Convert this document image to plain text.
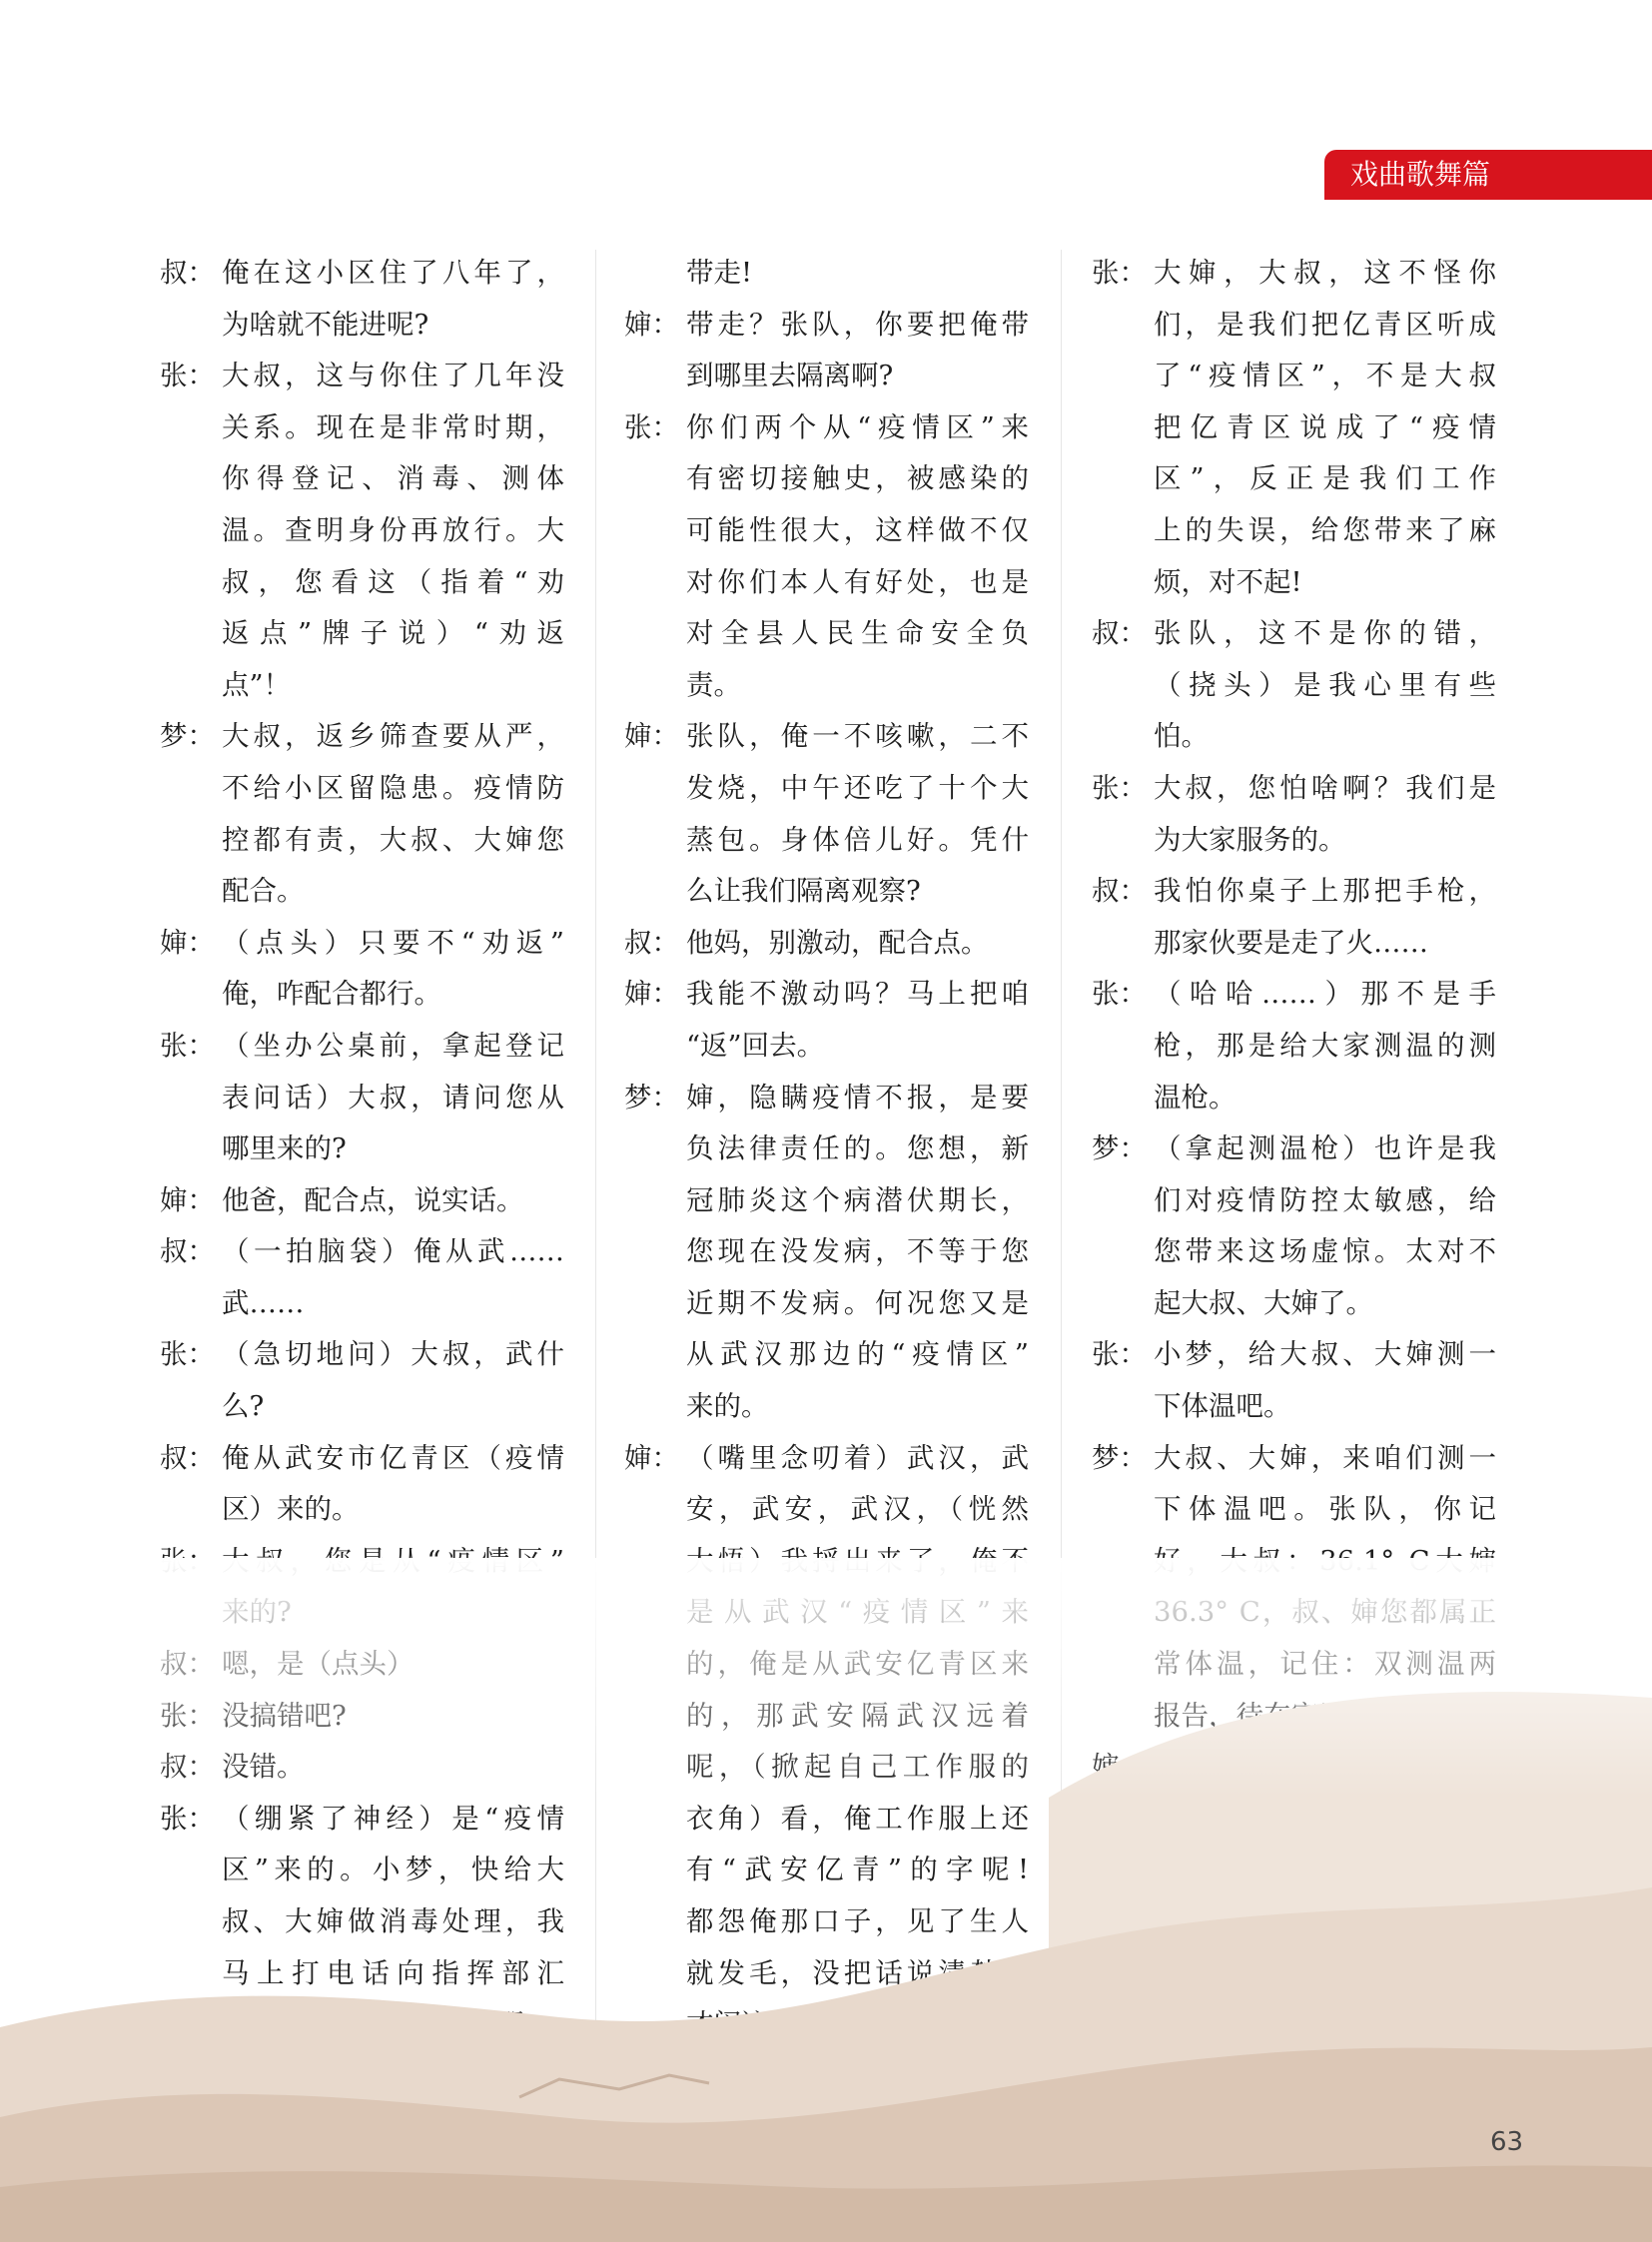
戏曲歌舞篇
叔： 俺在这小区住了八年了，
为啥就不能进呢?
张： 大叔，这与你住了几年没
关系。现在是非常时期，
你得登记、消毒、测体
温。查明身份再放行。大
叔，您看这（指着“劝
返点”牌子说）“劝返
点”！
梦： 大叔，返乡筛查要从严，
不给小区留隐患。疫情防
控都有责，大叔、大婶您
配合。
婶： （点头）只要不“劝返”
俺，咋配合都行。
张： （坐办公桌前，拿起登记
表问话）大叔，请问您从
哪里来的?
婶： 他爸，配合点，说实话。
叔： （一拍脑袋）俺从武……
武……
张： （急切地问）大叔，武什
么?
叔： 俺从武安市亿青区（疫情
区）来的。
带走!
婶： 带走？张队，你要把俺带
到哪里去隔离啊?
张： 你们两个从“疫情区”来
有密切接触史，被感染的
可能性很大，这样做不仅
对你们本人有好处，也是
对全县人民生命安全负
责。
婶： 张队，俺一不咳嗽，二不
发烧，中午还吃了十个大
蒸包。身体倍儿好。凭什
么让我们隔离观察?
叔： 他妈，别激动，配合点。
婶： 我能不激动吗？马上把咱
“返”回去。
梦： 婶，隐瞒疫情不报，是要
负法律责任的。您想，新
冠肺炎这个病潜伏期长，
您现在没发病，不等于您
近期不发病。何况您又是
从武汉那边的“疫情区”
来的。
婶： （嘴里念叨着）武汉，武
安，武安，武汉，（恍然
张： 大婶，大叔，这不怪你
们，是我们把亿青区听成
了“疫情区”，不是大叔
把亿青区说成了“疫情
区”，反正是我们工作
上的失误，给您带来了麻
烦，对不起!
叔： 张队，这不是你的错，
（挠头）是我心里有些
怕。
张： 大叔，您怕啥啊？我们是
为大家服务的。
叔： 我怕你桌子上那把手枪，
那家伙要是走了火……
张： （哈哈……）那不是手
枪，那是给大家测温的测
温枪。
梦： （拿起测温枪）也许是我
们对疫情防控太敏感，给
您带来这场虚惊。太对不
起大叔、大婶了。
张： 小梦，给大叔、大婶测一
下体温吧。
梦： 大叔、大婶，来咱们测一
下体温吧。张队，你记
63
